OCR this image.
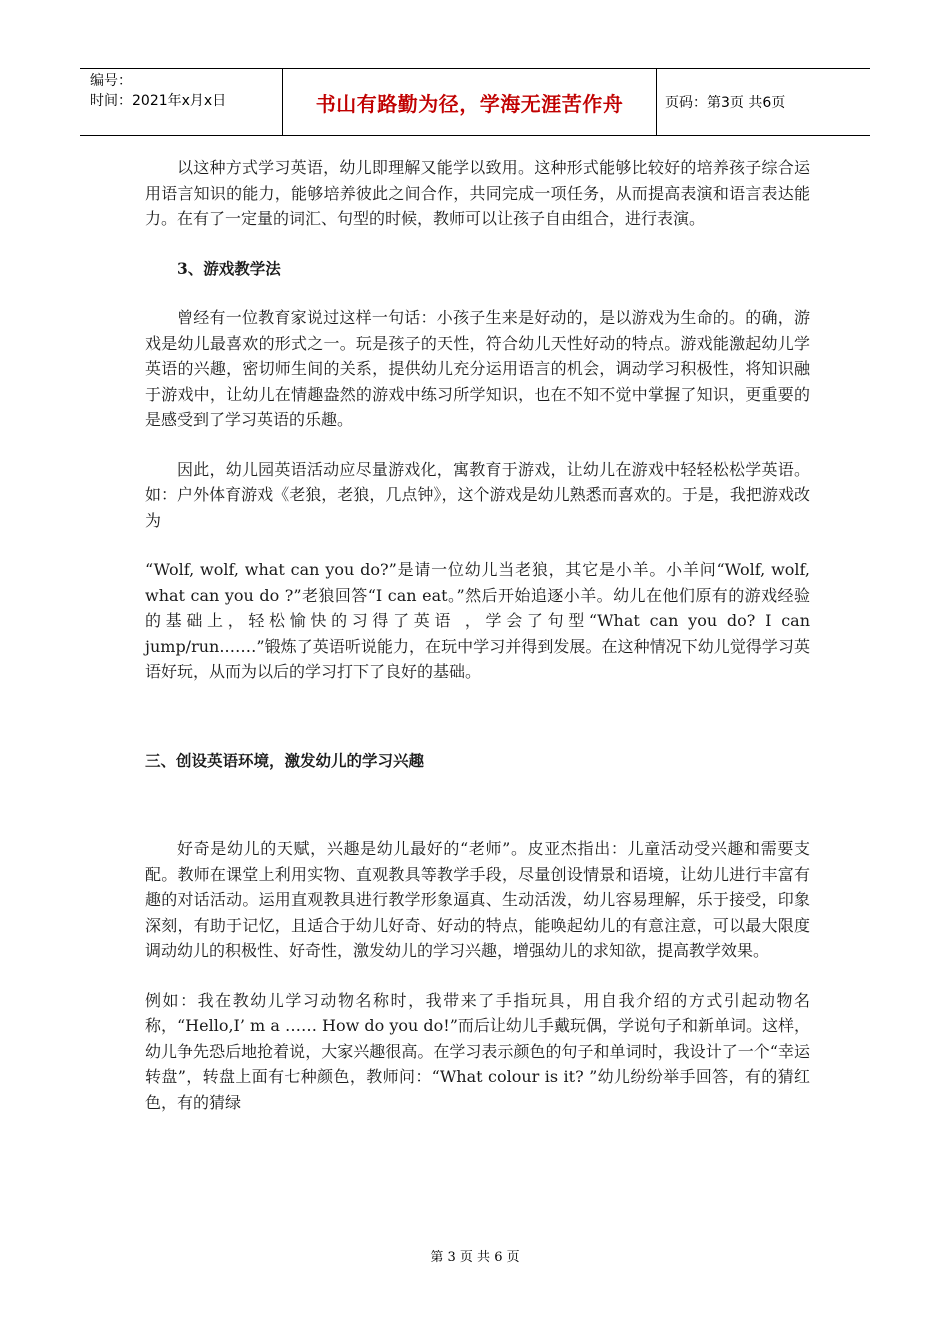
编号：
时间：2021年x月x日	书山有路勤为径，学海无涯苦作舟	页码：第3页 共6页

以这种方式学习英语，幼儿即理解又能学以致用。这种形式能够比较好的培养孩子综合运用语言知识的能力，能够培养彼此之间合作，共同完成一项任务，从而提高表演和语言表达能力。在有了一定量的词汇、句型的时候，教师可以让孩子自由组合，进行表演。

3、游戏教学法

曾经有一位教育家说过这样一句话：小孩子生来是好动的，是以游戏为生命的。的确，游戏是幼儿最喜欢的形式之一。玩是孩子的天性，符合幼儿天性好动的特点。游戏能激起幼儿学英语的兴趣，密切师生间的关系，提供幼儿充分运用语言的机会，调动学习积极性，将知识融于游戏中，让幼儿在情趣盎然的游戏中练习所学知识，也在不知不觉中掌握了知识，更重要的是感受到了学习英语的乐趣。

因此，幼儿园英语活动应尽量游戏化，寓教育于游戏，让幼儿在游戏中轻轻松松学英语。如：户外体育游戏《老狼，老狼，几点钟》，这个游戏是幼儿熟悉而喜欢的。于是，我把游戏改为

“Wolf, wolf, what can you do?”是请一位幼儿当老狼，其它是小羊。小羊问“Wolf, wolf, what can you do ?”老狼回答“I can eat。”然后开始追逐小羊。幼儿在他们原有的游戏经验的基础上，轻松愉快的习得了英语 ，学会了句型“What can you do? I can jump/run.……”锻炼了英语听说能力，在玩中学习并得到发展。在这种情况下幼儿觉得学习英语好玩，从而为以后的学习打下了良好的基础。

三、创设英语环境，激发幼儿的学习兴趣

好奇是幼儿的天赋，兴趣是幼儿最好的“老师”。皮亚杰指出：儿童活动受兴趣和需要支配。教师在课堂上利用实物、直观教具等教学手段，尽量创设情景和语境，让幼儿进行丰富有趣的对话活动。运用直观教具进行教学形象逼真、生动活泼，幼儿容易理解，乐于接受，印象深刻，有助于记忆，且适合于幼儿好奇、好动的特点，能唤起幼儿的有意注意，可以最大限度调动幼儿的积极性、好奇性，激发幼儿的学习兴趣，增强幼儿的求知欲，提高教学效果。

例如：我在教幼儿学习动物名称时，我带来了手指玩具，用自我介绍的方式引起动物名称，“Hello,I’ m a …… How do you do!”而后让幼儿手戴玩偶，学说句子和新单词。这样，幼儿争先恐后地抢着说，大家兴趣很高。在学习表示颜色的句子和单词时，我设计了一个“幸运转盘”，转盘上面有七种颜色，教师问：“What colour is it? ”幼儿纷纷举手回答，有的猜红色，有的猜绿

第 3 页 共 6 页
